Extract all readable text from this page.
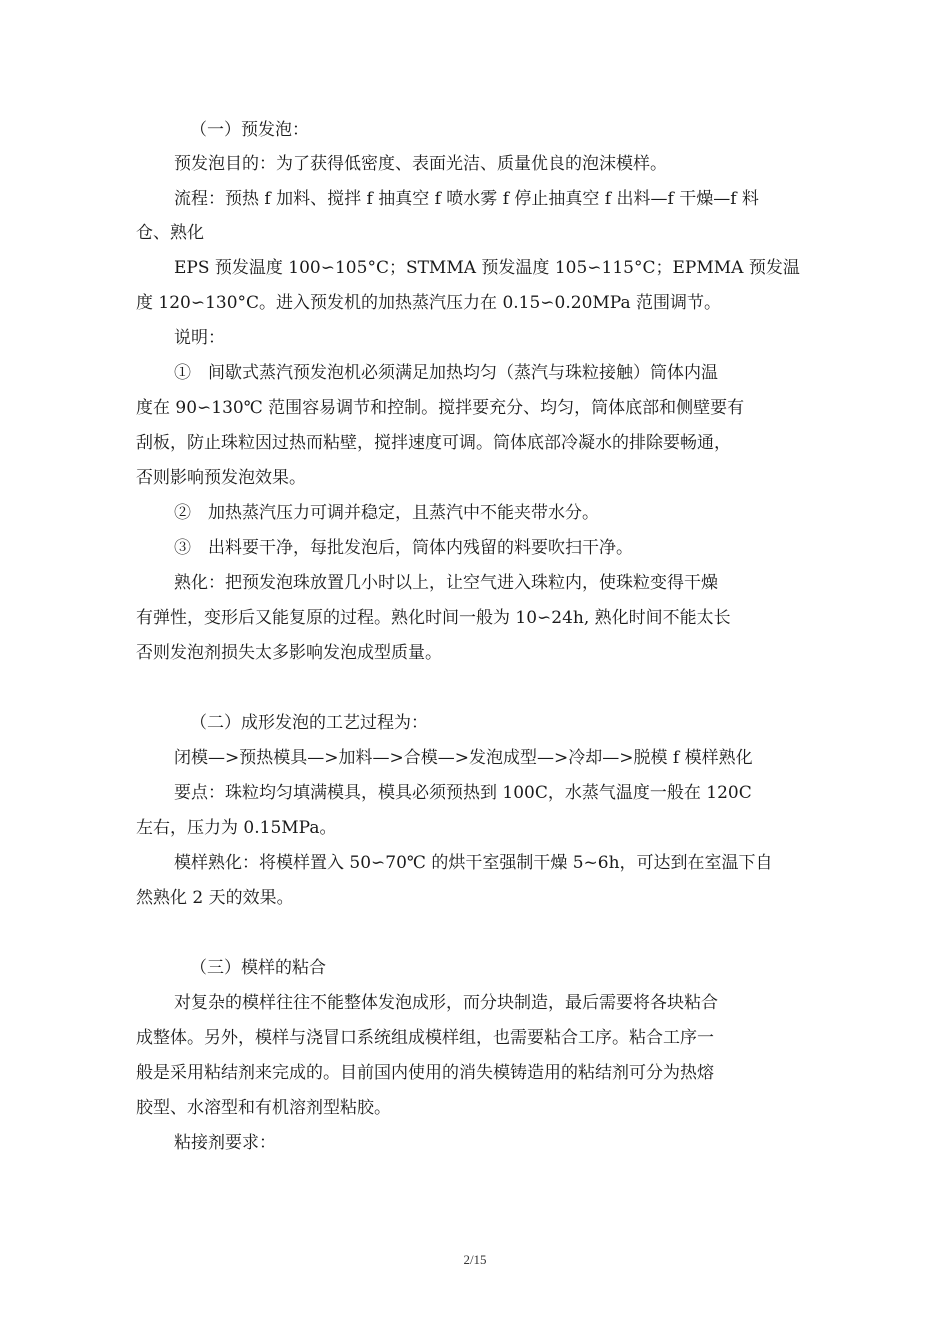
（一）预发泡：
预发泡目的：为了获得低密度、表面光洁、质量优良的泡沫模样。
流程：预热 f 加料、搅拌 f 抽真空 f 喷水雾 f 停止抽真空 f 出料—f 干燥—f 料
仓、熟化
EPS 预发温度 100∽105°C；STMMA 预发温度 105∽115°C；EPMMA 预发温
度 120∽130°C。进入预发机的加热蒸汽压力在 0.15∽0.20MPa 范围调节。
说明：
①　间歇式蒸汽预发泡机必须满足加热均匀（蒸汽与珠粒接触）筒体内温
度在 90∽130℃ 范围容易调节和控制。搅拌要充分、均匀，筒体底部和侧壁要有
刮板，防止珠粒因过热而粘壁，搅拌速度可调。筒体底部冷凝水的排除要畅通，
否则影响预发泡效果。
②　加热蒸汽压力可调并稳定，且蒸汽中不能夹带水分。
③　出料要干净，每批发泡后，筒体内残留的料要吹扫干净。
熟化：把预发泡珠放置几小时以上，让空气进入珠粒内，使珠粒变得干燥
有弹性，变形后又能复原的过程。熟化时间一般为 10∽24h, 熟化时间不能太长
否则发泡剂损失太多影响发泡成型质量。
（二）成形发泡的工艺过程为：
闭模—>预热模具—>加料—>合模—>发泡成型—>冷却—>脱模 f 模样熟化
要点：珠粒均匀填满模具，模具必须预热到 100C，水蒸气温度一般在 120C
左右，压力为 0.15MPa。
模样熟化：将模样置入 50∽70℃ 的烘干室强制干燥 5~6h，可达到在室温下自
然熟化 2 天的效果。
（三）模样的粘合
对复杂的模样往往不能整体发泡成形，而分块制造，最后需要将各块粘合
成整体。另外，模样与浇冒口系统组成模样组，也需要粘合工序。粘合工序一
般是采用粘结剂来完成的。目前国内使用的消失模铸造用的粘结剂可分为热熔
胶型、水溶型和有机溶剂型粘胶。
粘接剂要求：
2/15
